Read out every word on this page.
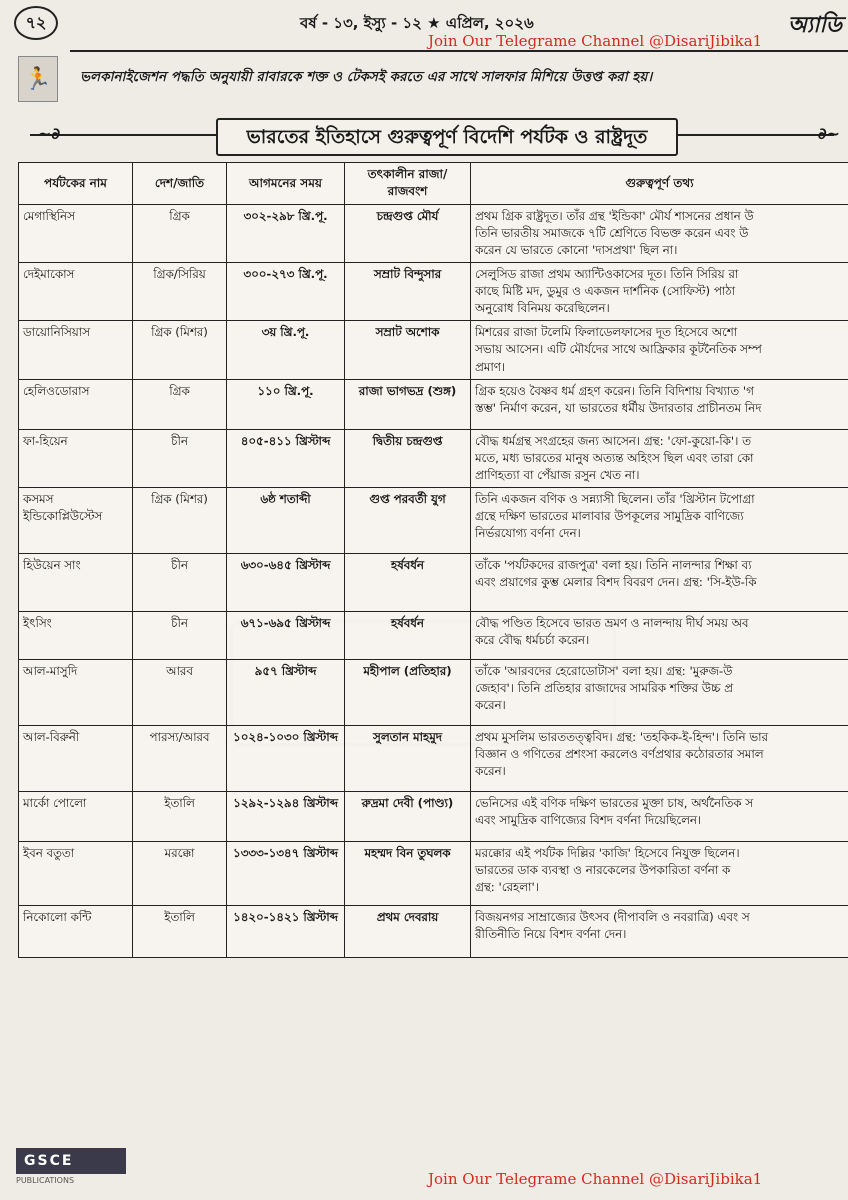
৭২	বর্ষ - ১৩, ইস্যু - ১২ ★ এপ্রিল, ২০২৬	অ্যাডি
Join Our Telegrame Channel @DisariJibika1
🏃	ভলকানাইজেশন পদ্ধতি অনুযায়ী রাবারকে শক্ত ও টেকসই করতে এর সাথে সালফার মিশিয়ে উত্তপ্ত করা হয়।
~∂	∂~
ভারতের ইতিহাসে গুরুত্বপূর্ণ বিদেশি পর্যটক ও রাষ্ট্রদূত
পর্যটকের নাম	দেশ/জাতি	আগমনের সময়	তৎকালীন রাজা/রাজবংশ	গুরুত্বপূর্ণ তথ্য
মেগাস্থিনিস	গ্রিক	৩০২-২৯৮ খ্রি.পূ.	চন্দ্রগুপ্ত মৌর্য	প্রথম গ্রিক রাষ্ট্রদূত। তাঁর গ্রন্থ 'ইন্ডিকা' মৌর্য শাসনের প্রধান উ
তিনি ভারতীয় সমাজকে ৭টি শ্রেণিতে বিভক্ত করেন এবং উ
করেন যে ভারতে কোনো 'দাসপ্রথা' ছিল না।

দেইমাকোস	গ্রিক/সিরিয়	৩০০-২৭৩ খ্রি.পূ.	সম্রাট বিন্দুসার	সেলুসিড রাজা প্রথম অ্যান্টিওকাসের দূত। তিনি সিরিয় রা
কাছে মিষ্টি মদ, ডুমুর ও একজন দার্শনিক (সোফিস্ট) পাঠা
অনুরোধ বিনিময় করেছিলেন।

ডায়োনিসিয়াস	গ্রিক (মিশর)	৩য় খ্রি.পূ.	সম্রাট অশোক	মিশরের রাজা টলেমি ফিলাডেলফাসের দূত হিসেবে অশো
সভায় আসেন। এটি মৌর্যদের সাথে আফ্রিকার কূটনৈতিক সম্প
প্রমাণ।

হেলিওডোরাস	গ্রিক	১১০ খ্রি.পূ.	রাজা ভাগভদ্র (শুঙ্গ)	গ্রিক হয়েও বৈষ্ণব ধর্ম গ্রহণ করেন। তিনি বিদিশায় বিখ্যাত 'গ
স্তম্ভ' নির্মাণ করেন, যা ভারতের ধর্মীয় উদারতার প্রাচীনতম নিদ

ফা-হিয়েন	চীন	৪০৫-৪১১ খ্রিস্টাব্দ	দ্বিতীয় চন্দ্রগুপ্ত	বৌদ্ধ ধর্মগ্রন্থ সংগ্রহের জন্য আসেন। গ্রন্থ: 'ফো-কুয়ো-কি'। ত
মতে, মধ্য ভারতের মানুষ অত্যন্ত অহিংস ছিল এবং তারা কো
প্রাণিহত্যা বা পেঁয়াজ রসুন খেত না।

কসমস ইন্ডিকোপ্লিউস্টেস	গ্রিক (মিশর)	৬ষ্ঠ শতাব্দী	গুপ্ত পরবর্তী যুগ	তিনি একজন বণিক ও সন্ন্যাসী ছিলেন। তাঁর 'খ্রিস্টান টপোগ্রা
গ্রন্থে দক্ষিণ ভারতের মালাবার উপকূলের সামুদ্রিক বাণিজ্যে
নির্ভরযোগ্য বর্ণনা দেন।

হিউয়েন সাং	চীন	৬৩০-৬৪৫ খ্রিস্টাব্দ	হর্ষবর্ধন	তাঁকে 'পর্যটকদের রাজপুত্র' বলা হয়। তিনি নালন্দার শিক্ষা ব্য
এবং প্রয়াগের কুম্ভ মেলার বিশদ বিবরণ দেন। গ্রন্থ: 'সি-ইউ-কি

ইৎসিং	চীন	৬৭১-৬৯৫ খ্রিস্টাব্দ	হর্ষবর্ধন	বৌদ্ধ পণ্ডিত হিসেবে ভারত ভ্রমণ ও নালন্দায় দীর্ঘ সময় অব
করে বৌদ্ধ ধর্মচর্চা করেন।

আল-মাসুদি	আরব	৯৫৭ খ্রিস্টাব্দ	মহীপাল (প্রতিহার)	তাঁকে 'আরবদের হেরোডোটাস' বলা হয়। গ্রন্থ: 'মুরুজ-উ
জেহাব'। তিনি প্রতিহার রাজাদের সামরিক শক্তির উচ্চ প্র
করেন।

আল-বিরুনী	পারস্য/আরব	১০২৪-১০৩০ খ্রিস্টাব্দ	সুলতান মাহমুদ	প্রথম মুসলিম ভারততত্ত্ববিদ। গ্রন্থ: 'তহকিক-ই-হিন্দ'। তিনি ভার
বিজ্ঞান ও গণিতের প্রশংসা করলেও বর্ণপ্রথার কঠোরতার সমাল
করেন।

মার্কো পোলো	ইতালি	১২৯২-১২৯৪ খ্রিস্টাব্দ	রুদ্রমা দেবী (পাণ্ড্য)	ভেনিসের এই বণিক দক্ষিণ ভারতের মুক্তা চাষ, অর্থনৈতিক স
এবং সামুদ্রিক বাণিজ্যের বিশদ বর্ণনা দিয়েছিলেন।

ইবন বতুতা	মরক্কো	১৩৩৩-১৩৪৭ খ্রিস্টাব্দ	মহম্মদ বিন তুঘলক	মরক্কোর এই পর্যটক দিল্লির 'কাজি' হিসেবে নিযুক্ত ছিলেন।
ভারতের ডাক ব্যবস্থা ও নারকেলের উপকারিতা বর্ণনা ক
গ্রন্থ: 'রেহলা'।

নিকোলো কন্টি	ইতালি	১৪২০-১৪২১ খ্রিস্টাব্দ	প্রথম দেবরায়	বিজয়নগর সাম্রাজ্যের উৎসব (দীপাবলি ও নবরাত্রি) এবং স
রীতিনীতি নিয়ে বিশদ বর্ণনা দেন।
GSCE
PUBLICATIONS	Join Our Telegrame Channel @DisariJibika1
